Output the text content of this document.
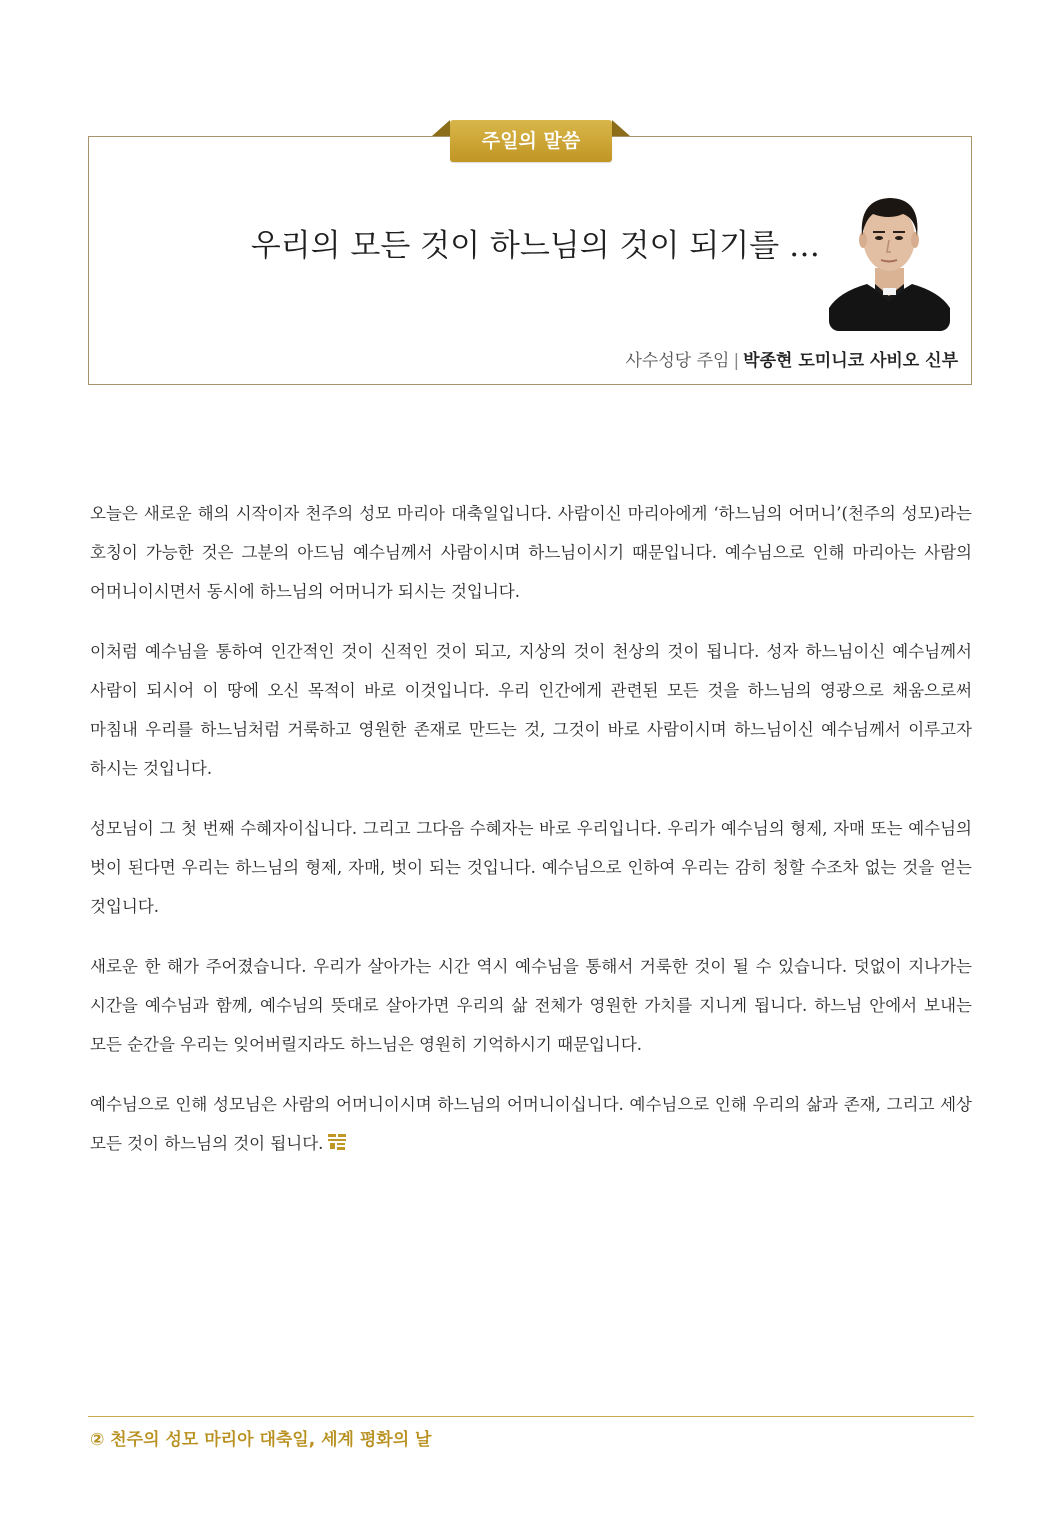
주일의 말씀
우리의 모든 것이 하느님의 것이 되기를 …
사수성당 주임 | 박종현 도미니코 사비오 신부

오늘은 새로운 해의 시작이자 천주의 성모 마리아 대축일입니다. 사람이신 마리아에게 ‘하느님의 어머니’(천주의 성모)라는 호칭이 가능한 것은 그분의 아드님 예수님께서 사람이시며 하느님이시기 때문입니다. 예수님으로 인해 마리아는 사람의 어머니이시면서 동시에 하느님의 어머니가 되시는 것입니다.

이처럼 예수님을 통하여 인간적인 것이 신적인 것이 되고, 지상의 것이 천상의 것이 됩니다. 성자 하느님이신 예수님께서 사람이 되시어 이 땅에 오신 목적이 바로 이것입니다. 우리 인간에게 관련된 모든 것을 하느님의 영광으로 채움으로써 마침내 우리를 하느님처럼 거룩하고 영원한 존재로 만드는 것, 그것이 바로 사람이시며 하느님이신 예수님께서 이루고자 하시는 것입니다.

성모님이 그 첫 번째 수혜자이십니다. 그리고 그다음 수혜자는 바로 우리입니다. 우리가 예수님의 형제, 자매 또는 예수님의 벗이 된다면 우리는 하느님의 형제, 자매, 벗이 되는 것입니다. 예수님으로 인하여 우리는 감히 청할 수조차 없는 것을 얻는 것입니다.

새로운 한 해가 주어졌습니다. 우리가 살아가는 시간 역시 예수님을 통해서 거룩한 것이 될 수 있습니다. 덧없이 지나가는 시간을 예수님과 함께, 예수님의 뜻대로 살아가면 우리의 삶 전체가 영원한 가치를 지니게 됩니다. 하느님 안에서 보내는 모든 순간을 우리는 잊어버릴지라도 하느님은 영원히 기억하시기 때문입니다.

예수님으로 인해 성모님은 사람의 어머니이시며 하느님의 어머니이십니다. 예수님으로 인해 우리의 삶과 존재, 그리고 세상 모든 것이 하느님의 것이 됩니다.

② 천주의 성모 마리아 대축일, 세계 평화의 날
